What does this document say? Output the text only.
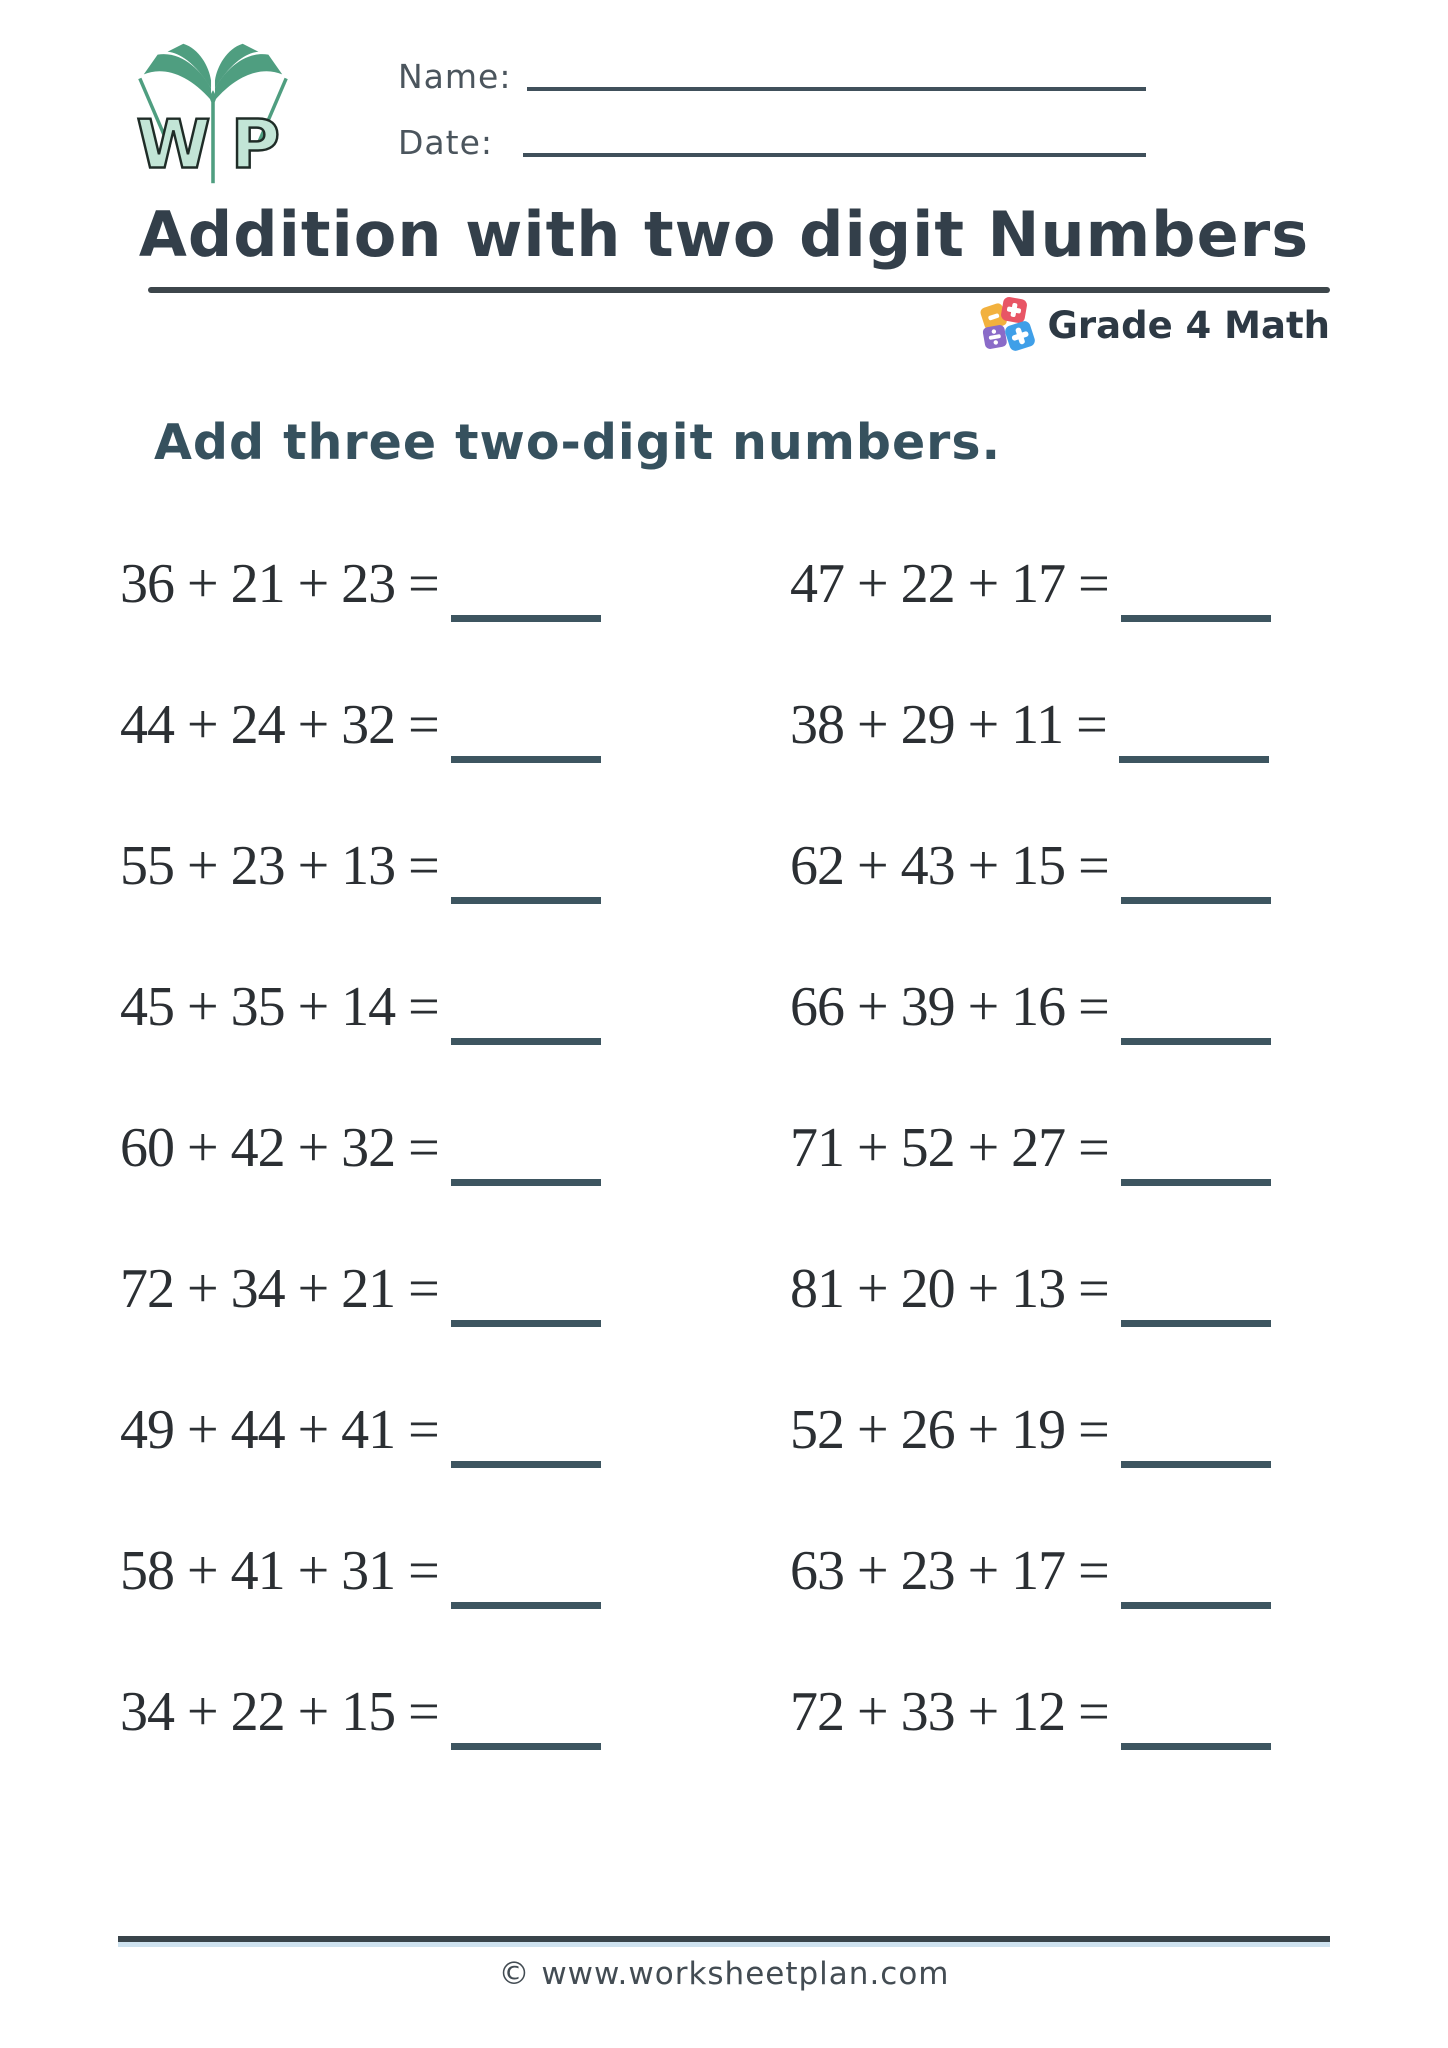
W P
Name:
Date:
Addition with two digit Numbers
Grade 4 Math

Add three two-digit numbers.

36 + 21 + 23 =	47 + 22 + 17 =
44 + 24 + 32 =	38 + 29 + 11 =
55 + 23 + 13 =	62 + 43 + 15 =
45 + 35 + 14 =	66 + 39 + 16 =
60 + 42 + 32 =	71 + 52 + 27 =
72 + 34 + 21 =	81 + 20 + 13 =
49 + 44 + 41 =	52 + 26 + 19 =
58 + 41 + 31 =	63 + 23 + 17 =
34 + 22 + 15 =	72 + 33 + 12 =
© www.worksheetplan.com
